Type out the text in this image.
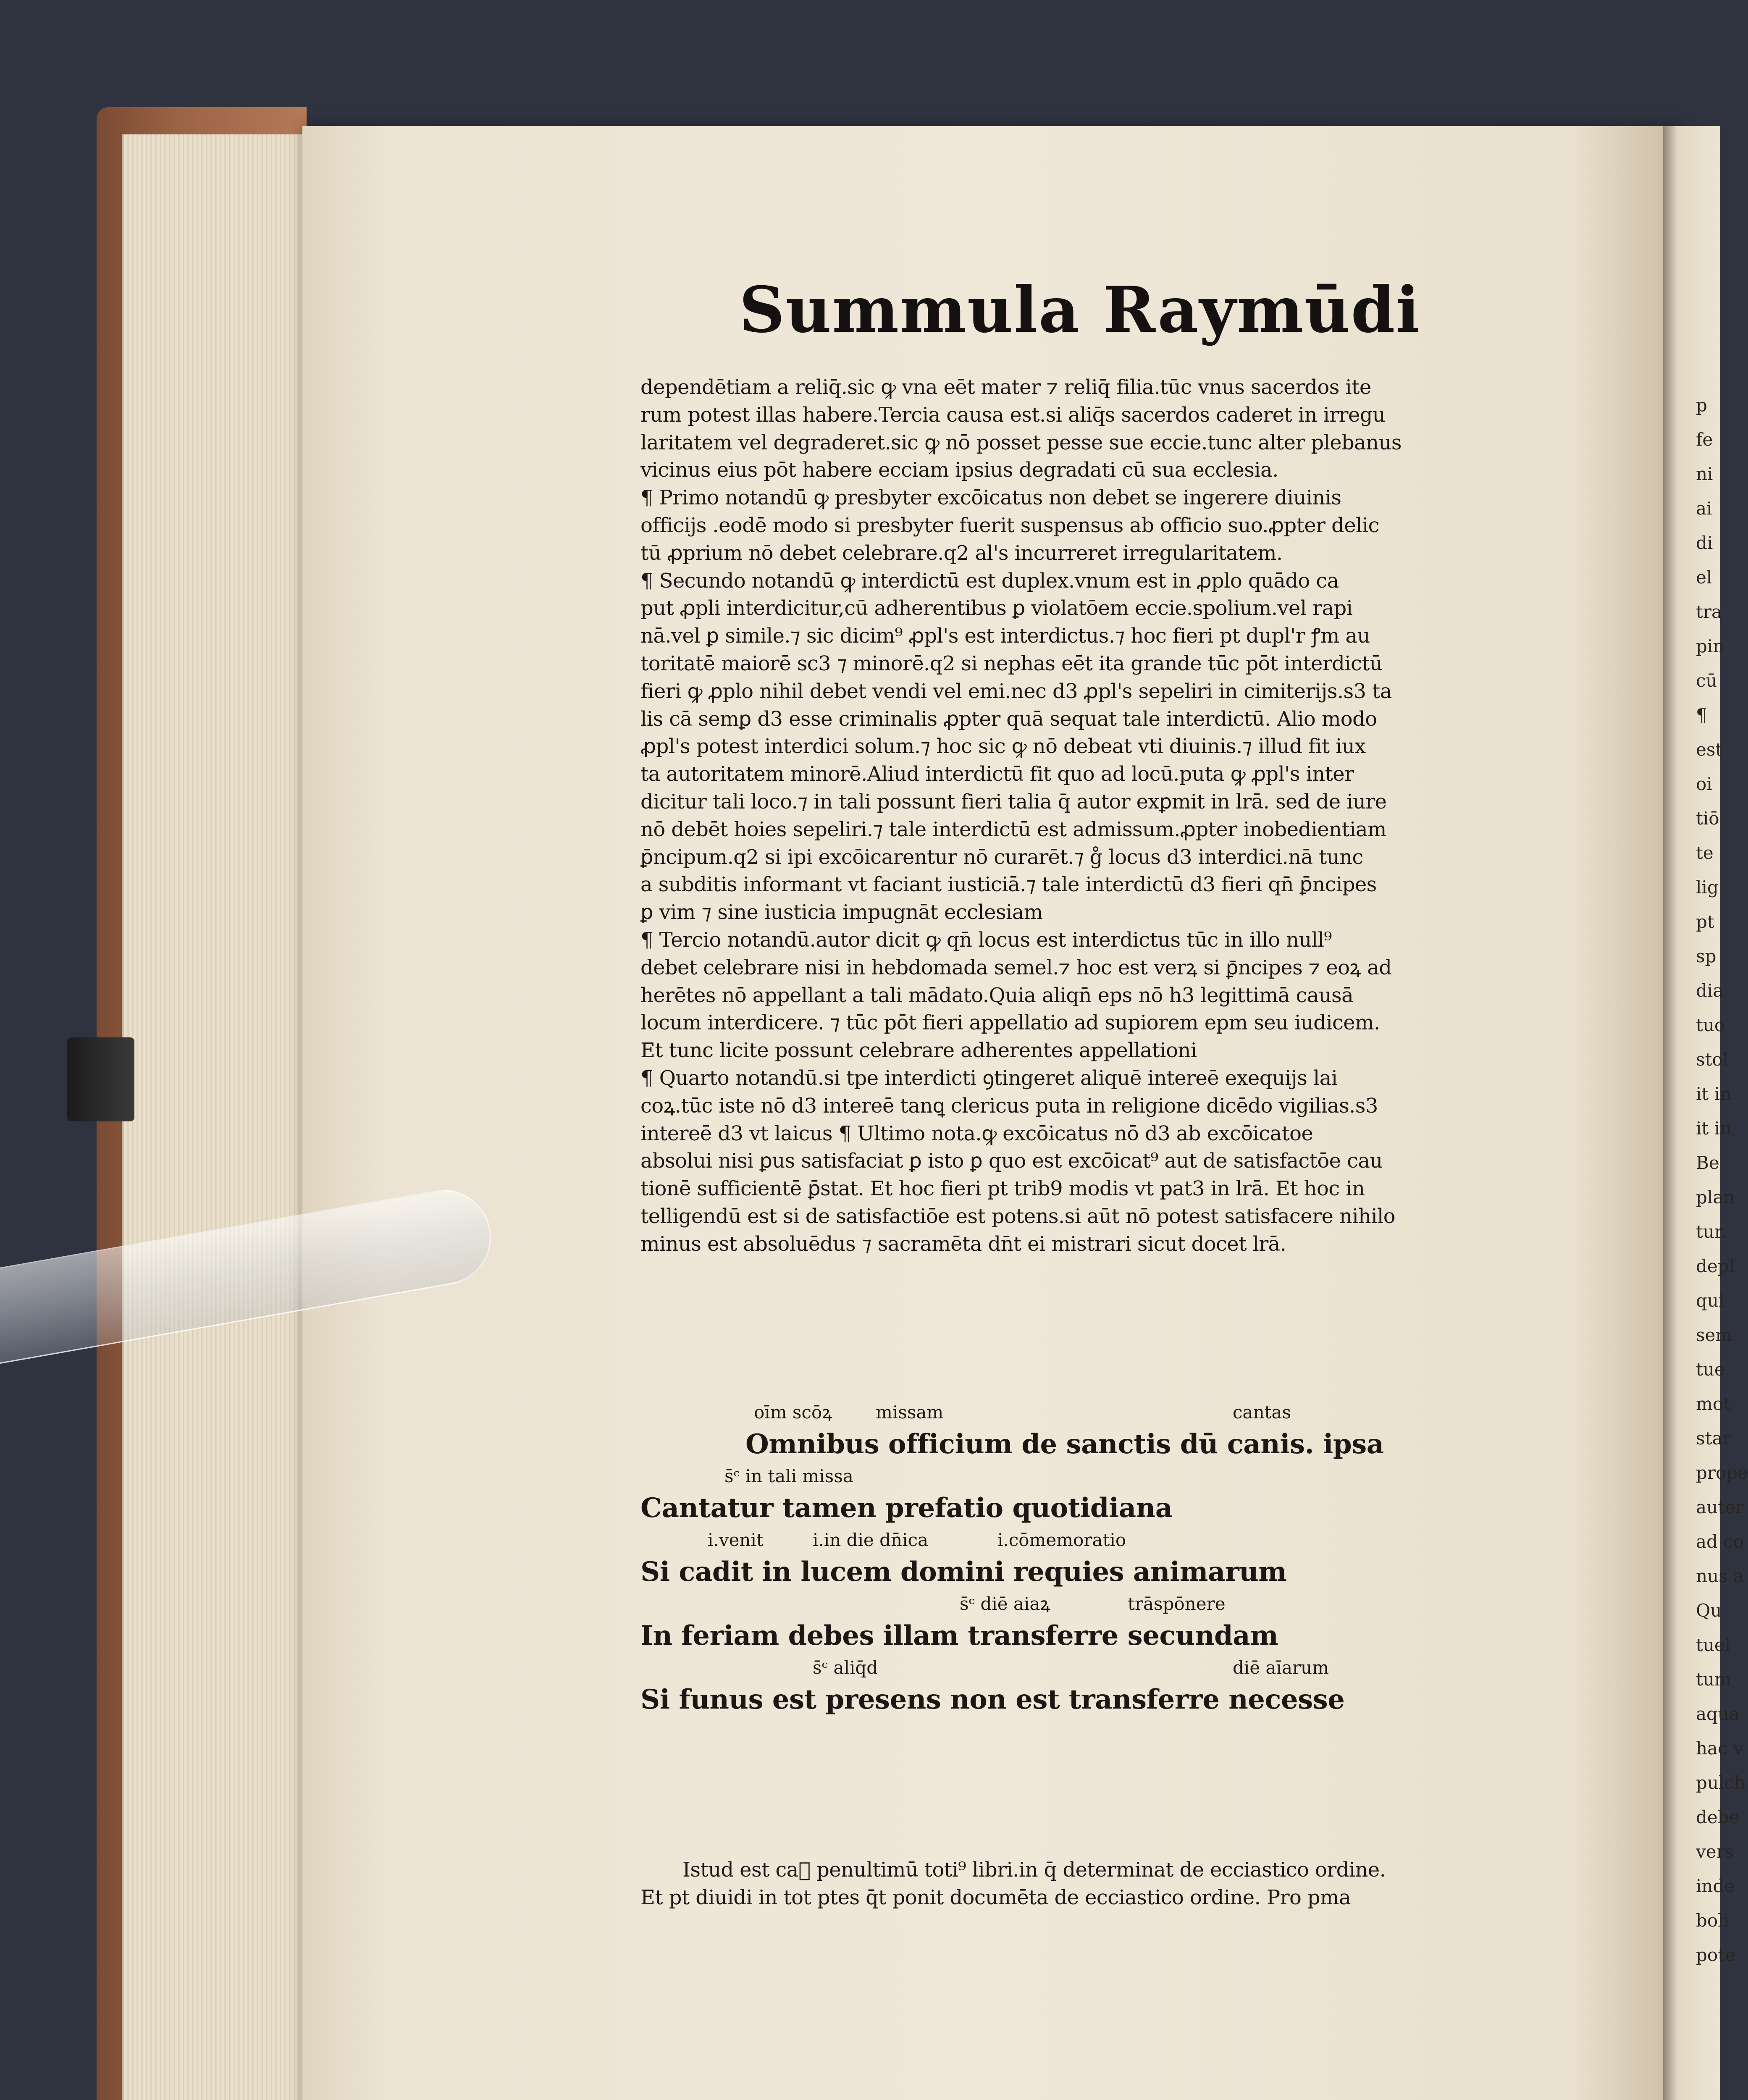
p
fe
ni
ai
di
el
tra
pin
cū
¶
est
oi
tiō
te
lig
pt
sp
dia
tuo
stol
it in
it in
Be
plan
tur.
depl
qui
sem
tue
mot
star
prope
auter
ad co
nus a
Qu
tuel
tum
aqua
hac v
pulch
debe
vers
inde
boli
pote
Summula Raymūdi
dependētiam a reliq̄.sic ꝙ vna eēt mater ⁊ reliq̄ filia.tūc vnus sacerdos ite
rum potest illas habere.Tercia causa est.si aliq̄s sacerdos caderet in irregu
laritatem vel degraderet.sic ꝙ nō posset pesse sue eccie.tunc alter plebanus
vicinus eius pōt habere ecciam ipsius degradati cū sua ecclesia.
¶ Primo notandū ꝙ presbyter excōicatus non debet se ingerere diuinis
officijs .eodē modo si presbyter fuerit suspensus ab officio suo.ꝓpter delic
tū ꝓprium nō debet celebrare.q2 al's incurreret irregularitatem.
¶ Secundo notandū ꝙ interdictū est duplex.vnum est in ꝓplo quādo ca
put ꝓpli interdicitur,cū adherentibus ꝑ violatōem eccie.spolium.vel rapi
nā.vel ꝑ simile.⁊ sic dicim⁹ ꝓpl's est interdictus.⁊ hoc fieri pt dupl'r ꝭm au
toritatē maiorē sc3 ⁊ minorē.q2 si nephas eēt ita grande tūc pōt interdictū
fieri ꝙ ꝓplo nihil debet vendi vel emi.nec d3 ꝓpl's sepeliri in cimiterijs.s3 ta
lis cā semꝑ d3 esse criminalis ꝓpter quā sequat tale interdictū. Alio modo
ꝓpl's potest interdici solum.⁊ hoc sic ꝙ nō debeat vti diuinis.⁊ illud fit iux
ta autoritatem minorē.Aliud interdictū fit quo ad locū.puta ꝙ ꝓpl's inter
dicitur tali loco.⁊ in tali possunt fieri talia q̄ autor exꝑmit in lrā. sed de iure
nō debēt hoies sepeliri.⁊ tale interdictū est admissum.ꝓpter inobedientiam
ꝑ̄ncipum.q2 si ipi excōicarentur nō curarēt.⁊ g̊ locus d3 interdici.nā tunc
a subditis informant vt faciant iusticiā.⁊ tale interdictū d3 fieri qn̄ ꝑ̄ncipes
ꝑ vim ⁊ sine iusticia impugnāt ecclesiam
¶ Tercio notandū.autor dicit ꝙ qn̄ locus est interdictus tūc in illo null⁹
debet celebrare nisi in hebdomada semel.⁊ hoc est verꝝ si ꝑ̄ncipes ⁊ eoꝝ ad
herētes nō appellant a tali mādato.Quia aliqn̄ eps nō h3 legittimā causā
locum interdicere. ⁊ tūc pōt fieri appellatio ad supiorem epm seu iudicem.
Et tunc licite possunt celebrare adherentes appellationi
¶ Quarto notandū.si tpe interdicti ꝯtingeret aliquē intereē exequijs lai
coꝝ.tūc iste nō d3 intereē tanꝗ clericus puta in religione dicēdo vigilias.s3
intereē d3 vt laicus ¶ Ultimo nota.ꝙ excōicatus nō d3 ab excōicatoe
absolui nisi ꝑus satisfaciat ꝑ isto ꝑ quo est excōicat⁹ aut de satisfactōe cau
tionē sufficientē ꝑ̄stat. Et hoc fieri pt trib9 modis vt pat3 in lrā. Et hoc in
telligendū est si de satisfactiōe est potens.si aūt nō potest satisfacere nihilo
minus est absoluēdus ⁊ sacramēta dn̄t ei mistrari sicut docet lrā.
oīm scōꝝ missam	cantas
Omnibus officium de sanctis dū canis. ipsa
s̄ᶜ in tali missa
Cantatur tamen prefatio quotidiana
i.venit	i.in die dn̄ica	i.cōmemoratio
Si cadit in lucem domini requies animarum
s̄ᶜ diē aiaꝝ	trāspōnere
In feriam debes illam transferre secundam
s̄ᶜ aliq̄d	diē aīarum
Si funus est presens non est transferre necesse
Istud est ca᷑ penultimū toti⁹ libri.in q̄ determinat de ecciastico ordine.
Et pt diuidi in tot ptes q̄t ponit documēta de ecciastico ordine. Pro pma
